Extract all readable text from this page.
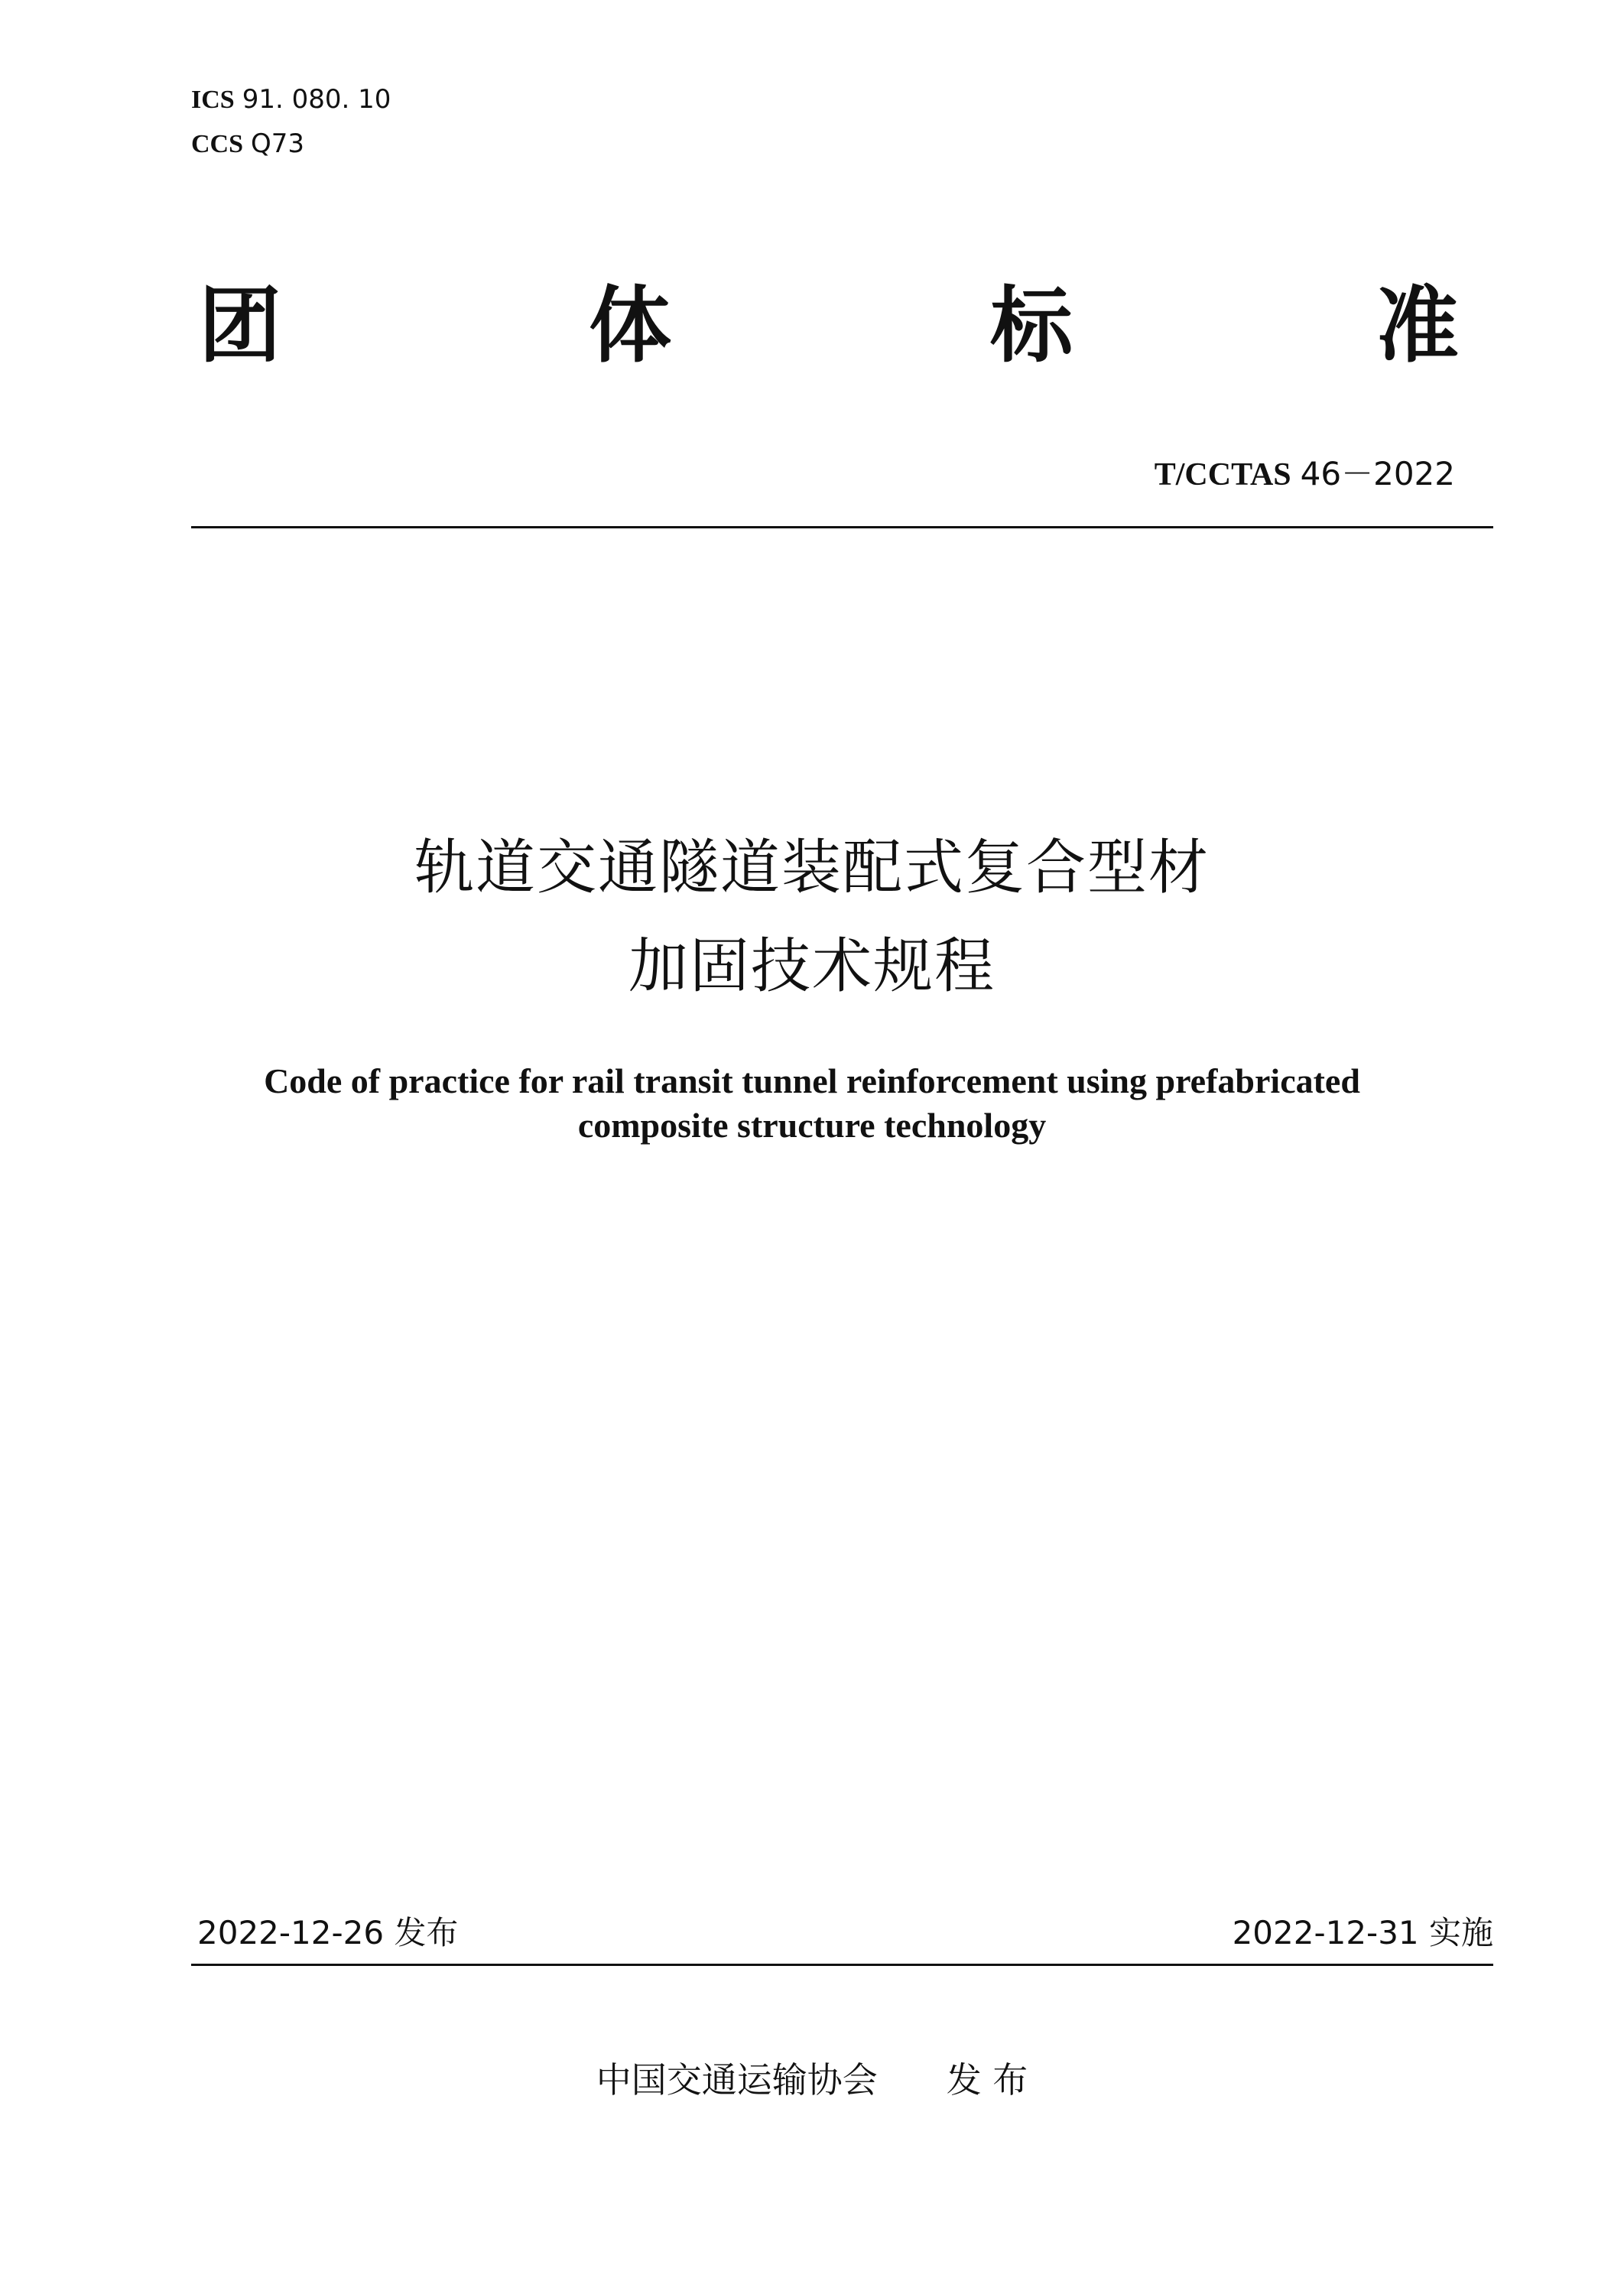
ICS 91. 080. 10
CCS Q73
团	体	标	准
T/CCTAS 46－2022
轨道交通隧道装配式复合型材
加固技术规程
Code of practice for rail transit tunnel reinforcement using prefabricated
composite structure technology
2022-12-26 发布	2022-12-31 实施
中国交通运输协会 发 布
